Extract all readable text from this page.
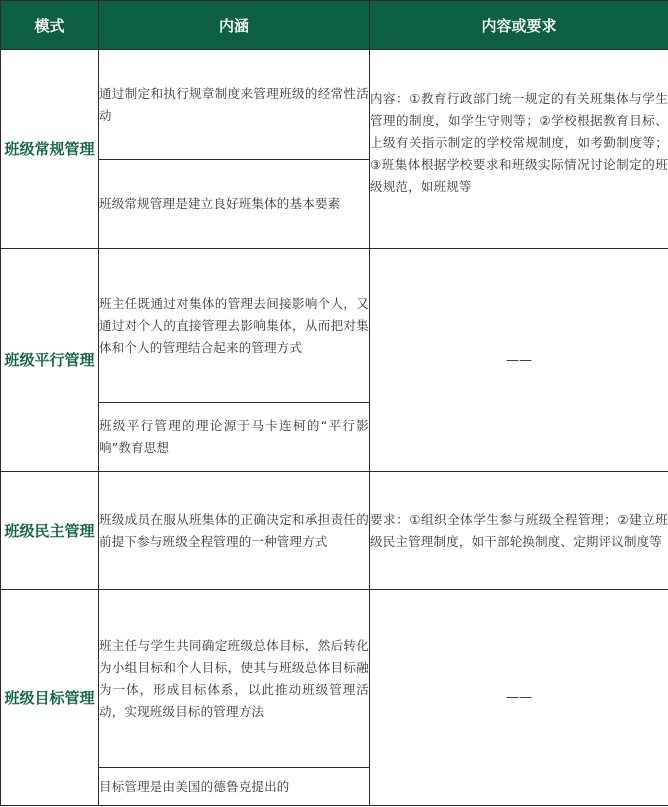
模式	内涵	内容或要求
班级常规管理	通过制定和执行规章制度来管理班级的经常性活动	内容：①教育行政部门统一规定的有关班集体与学生管理的制度，如学生守则等；②学校根据教育目标、上级有关指示制定的学校常规制度，如考勤制度等；③班集体根据学校要求和班级实际情况讨论制定的班级规范，如班规等
	班级常规管理是建立良好班集体的基本要素	
班级平行管理	班主任既通过对集体的管理去间接影响个人，又通过对个人的直接管理去影响集体，从而把对集体和个人的管理结合起来的管理方式	——
	班级平行管理的理论源于马卡连柯的“平行影响”教育思想	
班级民主管理	班级成员在服从班集体的正确决定和承担责任的前提下参与班级全程管理的一种管理方式	要求：①组织全体学生参与班级全程管理；②建立班级民主管理制度，如干部轮换制度、定期评议制度等
班级目标管理	班主任与学生共同确定班级总体目标，然后转化为小组目标和个人目标，使其与班级总体目标融为一体，形成目标体系，以此推动班级管理活动，实现班级目标的管理方法	——
	目标管理是由美国的德鲁克提出的	
